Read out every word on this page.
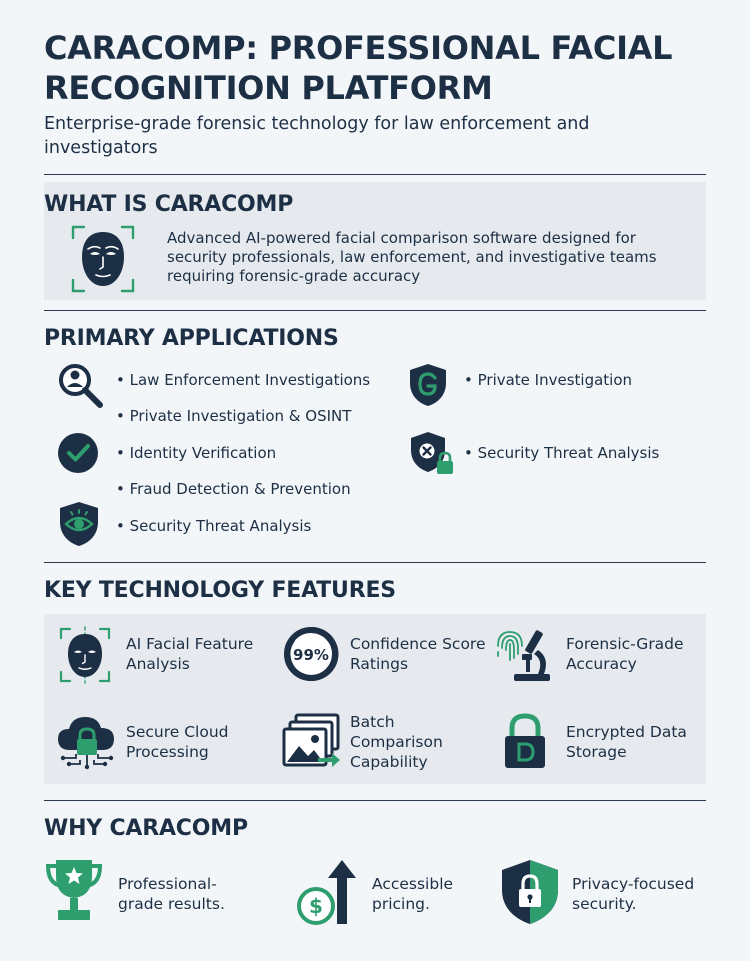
CARACOMP: PROFESSIONAL FACIAL
RECOGNITION PLATFORM
Enterprise-grade forensic technology for law enforcement and investigators
WHAT IS CARACOMP
Advanced AI-powered facial comparison software designed for security professionals, law enforcement, and investigative teams requiring forensic-grade accuracy
PRIMARY APPLICATIONS
• Law Enforcement Investigations
• Private Investigation & OSINT
• Identity Verification
• Fraud Detection & Prevention
• Security Threat Analysis
• Private Investigation
• Security Threat Analysis
KEY TECHNOLOGY FEATURES
AI Facial Feature Analysis	99%
Confidence Score Ratings
Forensic-Grade Accuracy
Secure Cloud Processing
Batch Comparison Capability
Encrypted Data Storage
WHY CARACOMP
Professional-grade results.	$
Accessible pricing.
Privacy-focused security.
